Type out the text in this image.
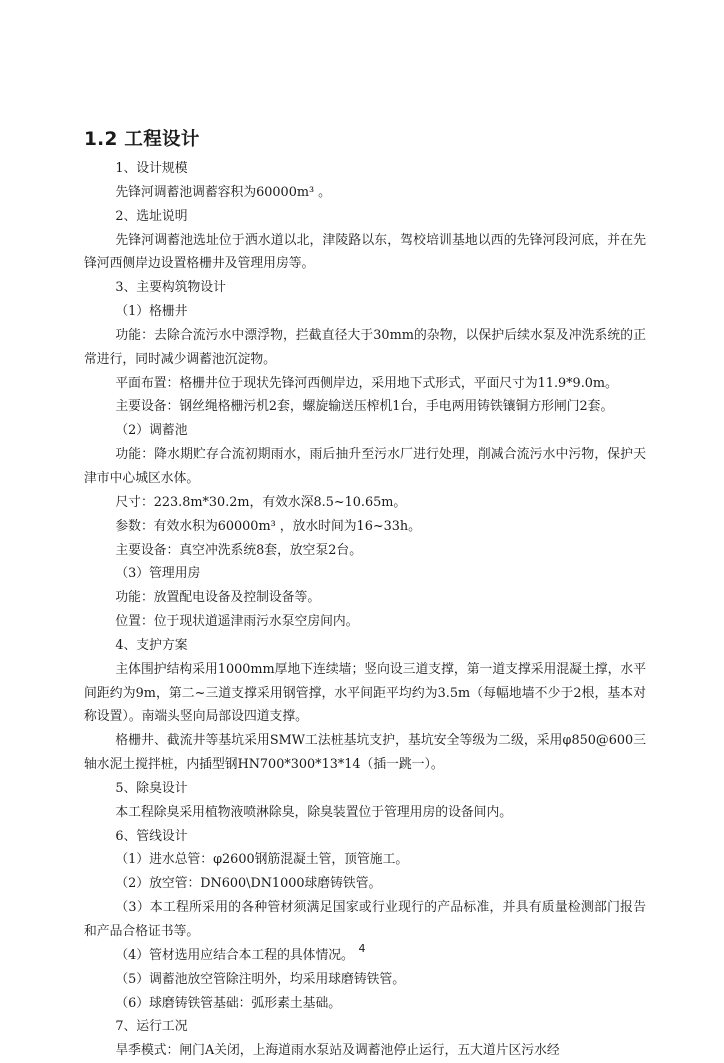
1.2 工程设计

1、设计规模

先锋河调蓄池调蓄容积为60000m³ 。

2、选址说明

先锋河调蓄池选址位于洒水道以北，津陵路以东，驾校培训基地以西的先锋河段河底，并在先锋河西侧岸边设置格栅井及管理用房等。

3、主要构筑物设计

（1）格栅井

功能：去除合流污水中漂浮物，拦截直径大于30mm的杂物，以保护后续水泵及冲洗系统的正常进行，同时减少调蓄池沉淀物。

平面布置：格栅井位于现状先锋河西侧岸边，采用地下式形式，平面尺寸为11.9*9.0m。

主要设备：钢丝绳格栅污机2套，螺旋输送压榨机1台，手电两用铸铁镶铜方形闸门2套。

（2）调蓄池

功能：降水期贮存合流初期雨水，雨后抽升至污水厂进行处理，削减合流污水中污物，保护天津市中心城区水体。

尺寸：223.8m*30.2m，有效水深8.5~10.65m。

参数：有效水积为60000m³ ，放水时间为16~33h。

主要设备：真空冲洗系统8套，放空泵2台。

（3）管理用房

功能：放置配电设备及控制设备等。

位置：位于现状道遥津雨污水泵空房间内。

4、支护方案

主体围护结构采用1000mm厚地下连续墙；竖向设三道支撑，第一道支撑采用混凝土撑，水平间距约为9m，第二~三道支撑采用钢管撑，水平间距平均约为3.5m（每幅地墙不少于2根，基本对称设置）。南端头竖向局部设四道支撑。

格栅井、截流井等基坑采用SMW工法桩基坑支护，基坑安全等级为二级，采用φ850@600三轴水泥土搅拌桩，内插型钢HN700*300*13*14（插一跳一）。

5、除臭设计

本工程除臭采用植物液喷淋除臭，除臭装置位于管理用房的设备间内。

6、管线设计

（1）进水总管：φ2600钢筋混凝土管，顶管施工。

（2）放空管：DN600\DN1000球磨铸铁管。

（3）本工程所采用的各种管材须满足国家或行业现行的产品标准，并具有质量检测部门报告和产品合格证书等。

（4）管材选用应结合本工程的具体情况。

（5）调蓄池放空管除注明外，均采用球磨铸铁管。

（6）球磨铸铁管基础：弧形素土基础。

7、运行工况

旱季模式：闸门A关闭，上海道雨水泵站及调蓄池停止运行，五大道片区污水经

4
